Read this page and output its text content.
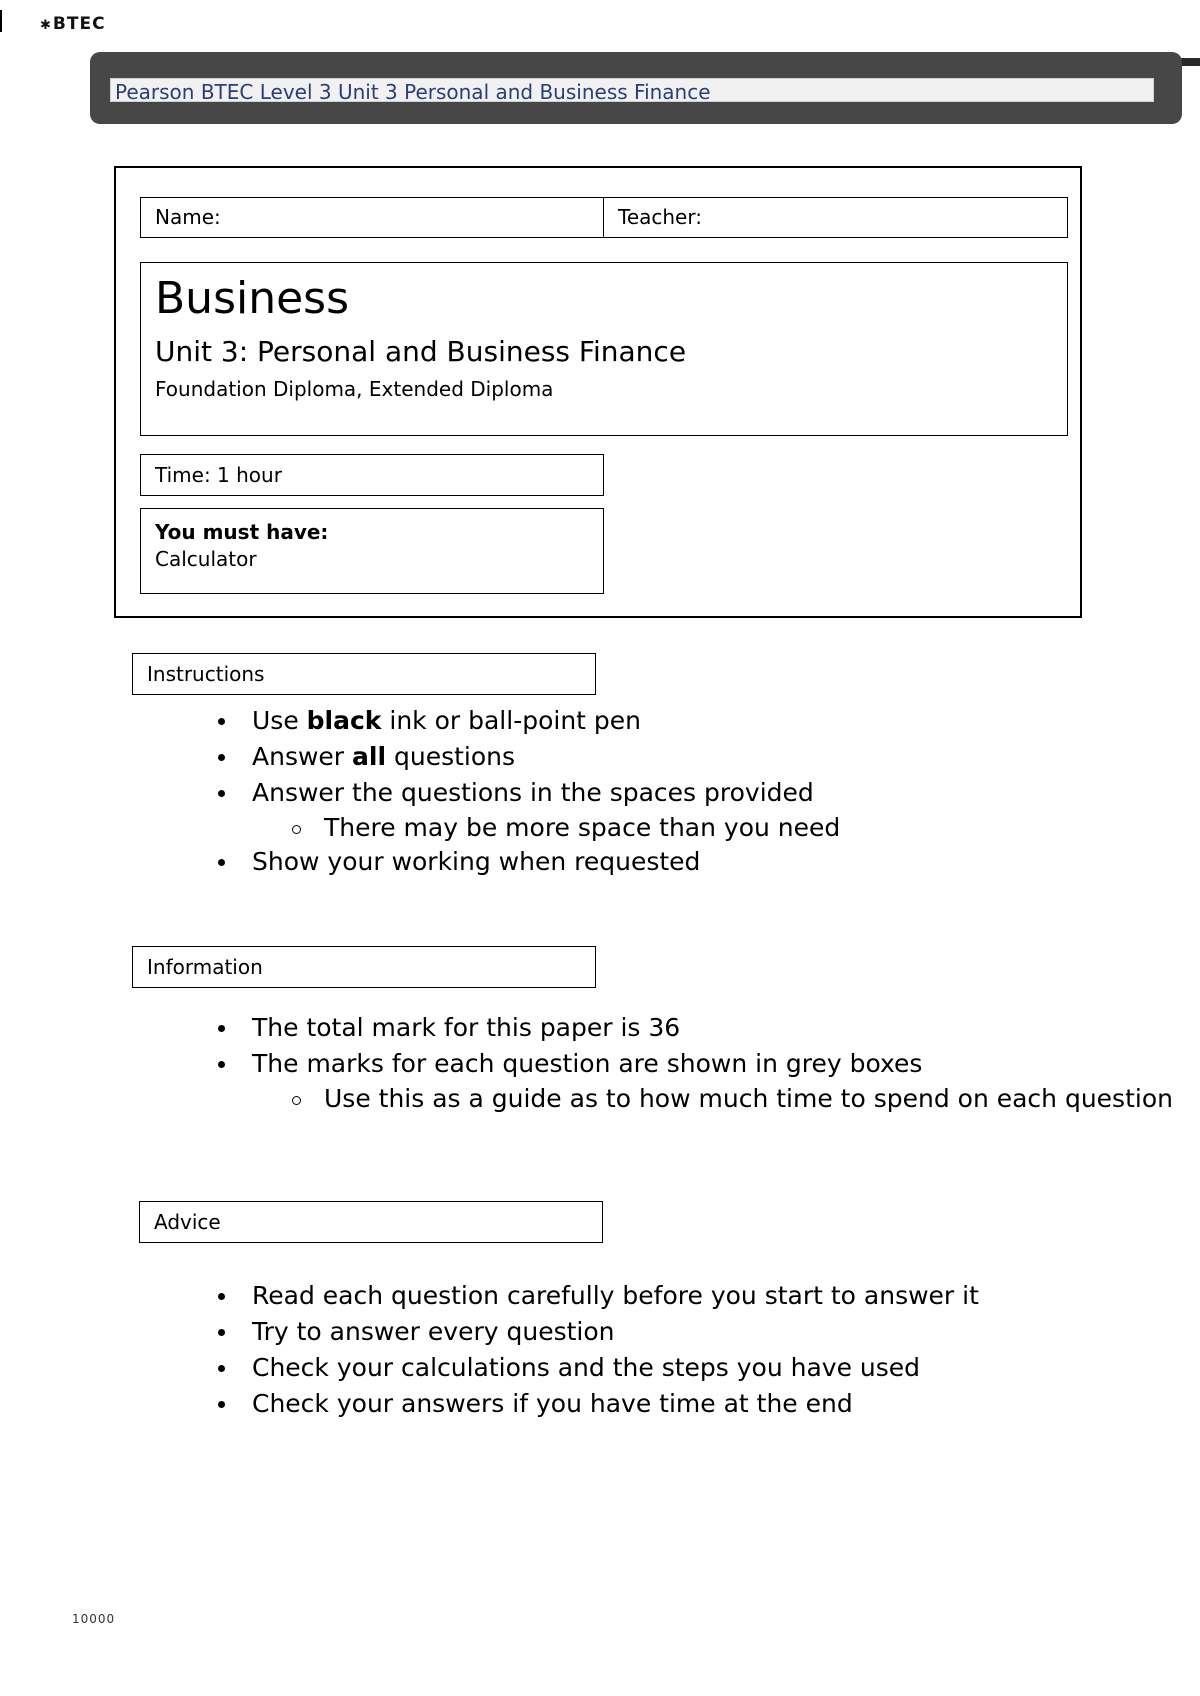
✱BTEC
Pearson BTEC Level 3 Unit 3 Personal and Business Finance
Name:	Teacher:
Business
Unit 3: Personal and Business Finance
Foundation Diploma, Extended Diploma
Time: 1 hour
You must have:
Calculator
Instructions
Use black ink or ball-point pen
Answer all questions
Answer the questions in the spaces provided
There may be more space than you need
Show your working when requested
Information
The total mark for this paper is 36
The marks for each question are shown in grey boxes
Use this as a guide as to how much time to spend on each question
Advice
Read each question carefully before you start to answer it
Try to answer every question
Check your calculations and the steps you have used
Check your answers if you have time at the end
10000
